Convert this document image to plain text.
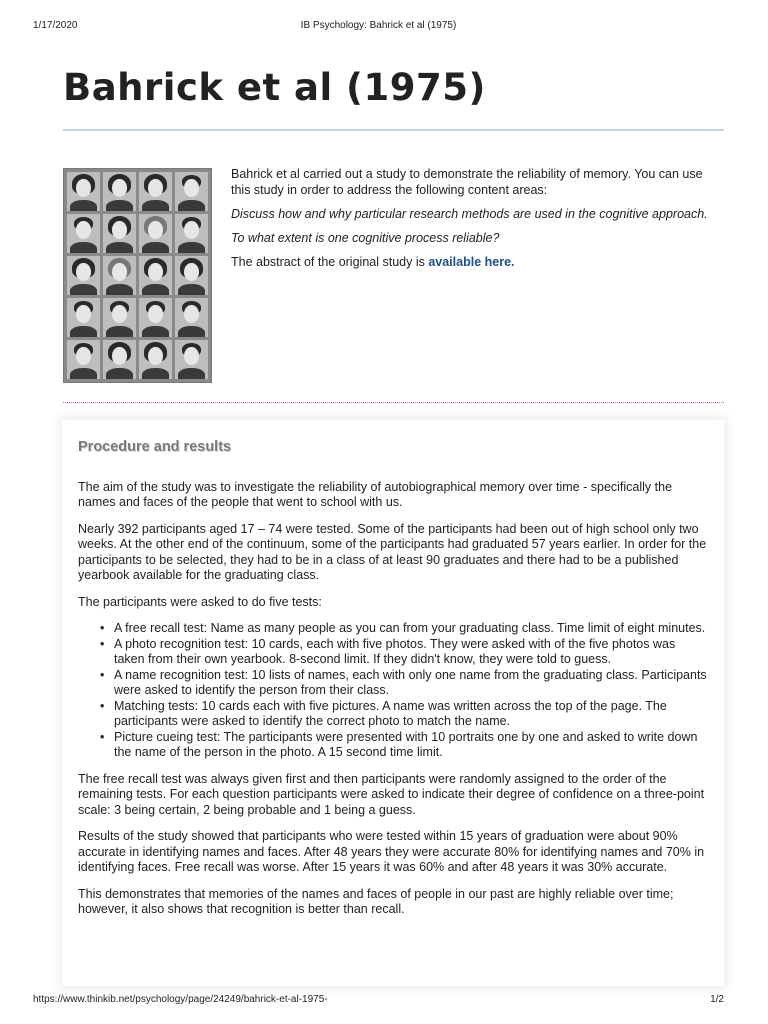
1/17/2020	IB Psychology: Bahrick et al (1975)
Bahrick et al (1975)

Bahrick et al carried out a study to demonstrate the reliability of memory. You can use this study in order to address the following content areas:

Discuss how and why particular research methods are used in the cognitive approach.

To what extent is one cognitive process reliable?

The abstract of the original study is available here.

Procedure and results

The aim of the study was to investigate the reliability of autobiographical memory over time - specifically the names and faces of the people that went to school with us.

Nearly 392 participants aged 17 – 74 were tested. Some of the participants had been out of high school only two weeks. At the other end of the continuum, some of the participants had graduated 57 years earlier. In order for the participants to be selected, they had to be in a class of at least 90 graduates and there had to be a published yearbook available for the graduating class.

The participants were asked to do five tests:

• A free recall test: Name as many people as you can from your graduating class. Time limit of eight minutes.
• A photo recognition test: 10 cards, each with five photos. They were asked with of the five photos was taken from their own yearbook. 8-second limit. If they didn't know, they were told to guess.
• A name recognition test: 10 lists of names, each with only one name from the graduating class. Participants were asked to identify the person from their class.
• Matching tests: 10 cards each with five pictures. A name was written across the top of the page. The participants were asked to identify the correct photo to match the name.
• Picture cueing test: The participants were presented with 10 portraits one by one and asked to write down the name of the person in the photo. A 15 second time limit.

The free recall test was always given first and then participants were randomly assigned to the order of the remaining tests. For each question participants were asked to indicate their degree of confidence on a three-point scale: 3 being certain, 2 being probable and 1 being a guess.

Results of the study showed that participants who were tested within 15 years of graduation were about 90% accurate in identifying names and faces. After 48 years they were accurate 80% for identifying names and 70% in identifying faces. Free recall was worse. After 15 years it was 60% and after 48 years it was 30% accurate.

This demonstrates that memories of the names and faces of people in our past are highly reliable over time; however, it also shows that recognition is better than recall.

https://www.thinkib.net/psychology/page/24249/bahrick-et-al-1975-	1/2
